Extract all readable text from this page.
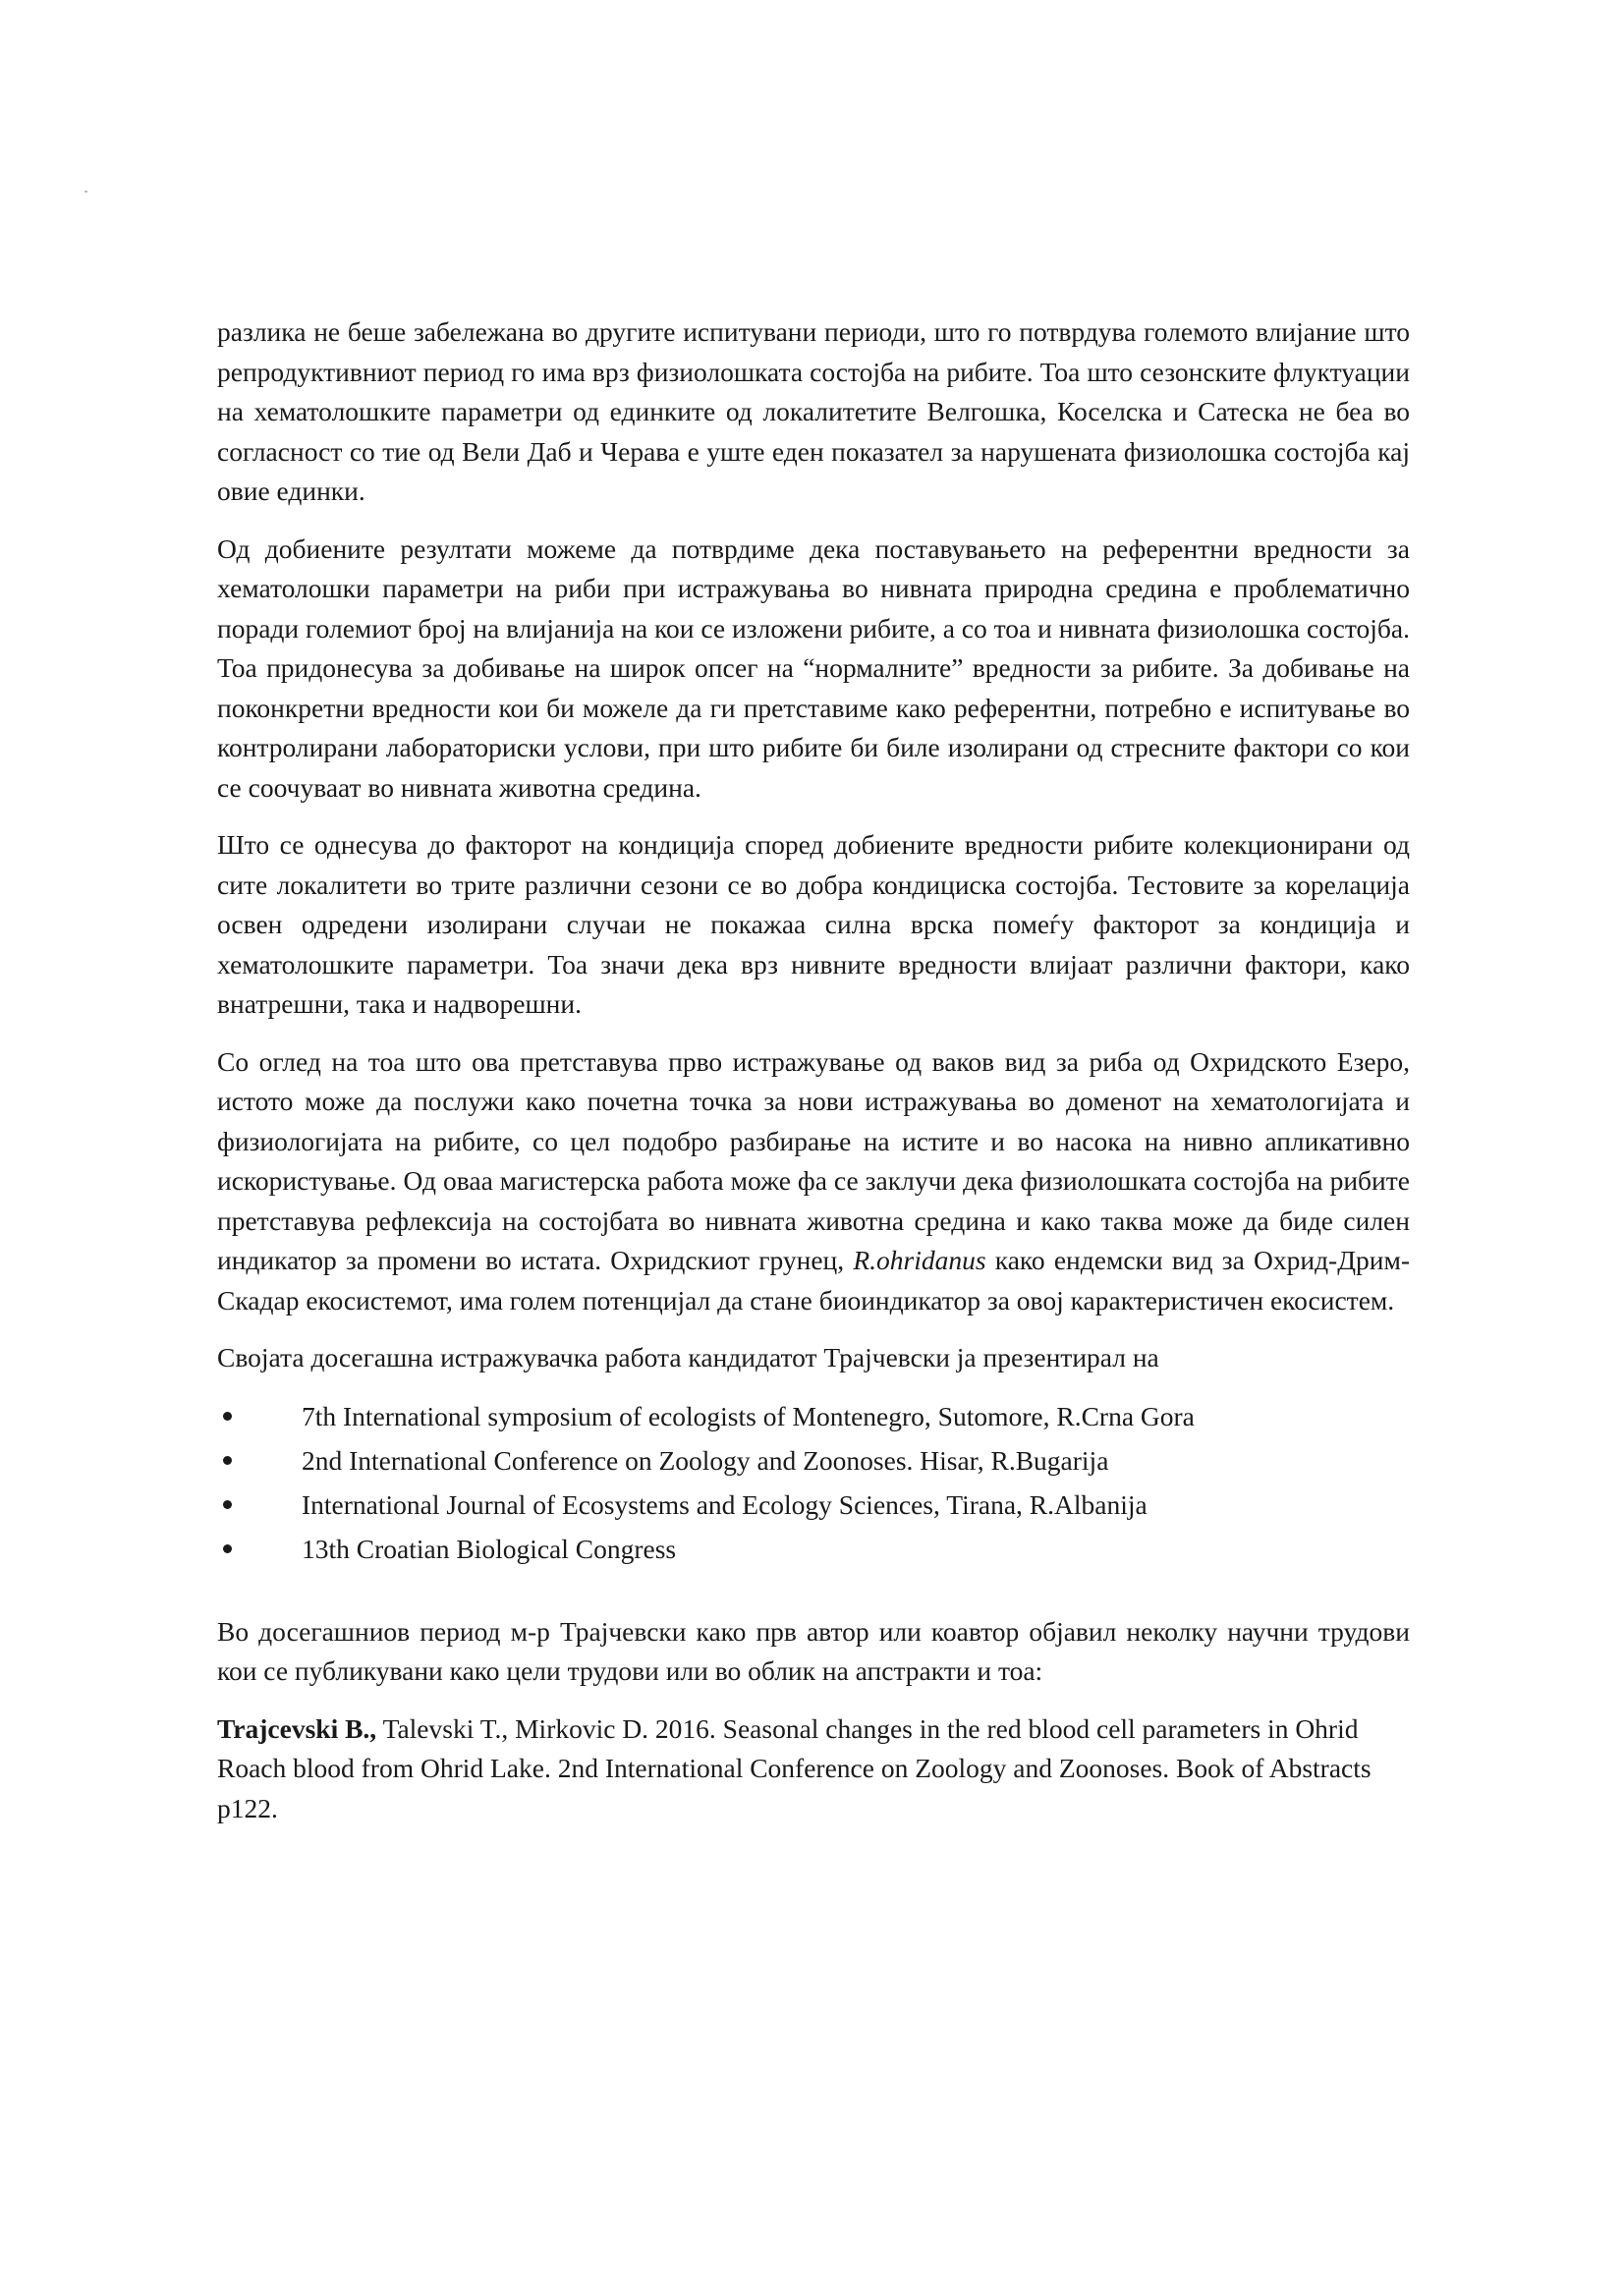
разлика не беше забележана во другите испитувани периоди, што го потврдува големото влијание што репродуктивниот период го има врз физиолошката состојба на рибите. Тоа што сезонските флуктуации на хематолошките параметри од единките од локалитетите Велгошка, Коселска и Сатеска не беа во согласност со тие од Вели Даб и Черава е уште еден показател за нарушената физиолошка состојба кај овие единки.

Од добиените резултати можеме да потврдиме дека поставувањето на референтни вредности за хематолошки параметри на риби при истражувања во нивната природна средина е проблематично поради големиот број на влијанија на кои се изложени рибите, а со тоа и нивната физиолошка состојба. Тоа придонесува за добивање на широк опсег на “нормалните” вредности за рибите. За добивање на поконкретни вредности кои би можеле да ги претставиме како референтни, потребно е испитување во контролирани лабораториски услови, при што рибите би биле изолирани од стресните фактори со кои се соочуваат во нивната животна средина.

Што се однесува до факторот на кондиција според добиените вредности рибите колекционирани од сите локалитети во трите различни сезони се во добра кондициска состојба. Тестовите за корелација освен одредени изолирани случаи не покажаа силна врска помеѓу факторот за кондиција и хематолошките параметри. Тоа значи дека врз нивните вредности влијаат различни фактори, како внатрешни, така и надворешни.

Со оглед на тоа што ова претставува прво истражување од ваков вид за риба од Охридското Езеро, истото може да послужи како почетна точка за нови истражувања во доменот на хематологијата и физиологијата на рибите, со цел подобро разбирање на истите и во насока на нивно апликативно искористување. Од оваа магистерска работа може фа се заклучи дека физиолошката состојба на рибите претставува рефлексија на состојбата во нивната животна средина и како таква може да биде силен индикатор за промени во истата. Охридскиот грунец, R.ohridanus како ендемски вид за Охрид-Дрим-Скадар екосистемот, има голем потенцијал да стане биоиндикатор за овој карактеристичен екосистем.

Својата досегашна истражувачка работа кандидатот Трајчевски ја презентирал на

7th International symposium of ecologists of Montenegro, Sutomore, R.Crna Gora
2nd International Conference on Zoology and Zoonoses. Hisar, R.Bugarija
International Journal of Ecosystems and Ecology Sciences, Tirana, R.Albanija
13th Croatian Biological Congress

Во досегашниов период м-р Трајчевски како прв автор или коавтор објавил неколку научни трудови кои се публикувани како цели трудови или во облик на апстракти и тоа:

Trajcevski B., Talevski T., Mirkovic D. 2016. Seasonal changes in the red blood cell parameters in Ohrid Roach blood from Ohrid Lake. 2nd International Conference on Zoology and Zoonoses. Book of Abstracts p122.
